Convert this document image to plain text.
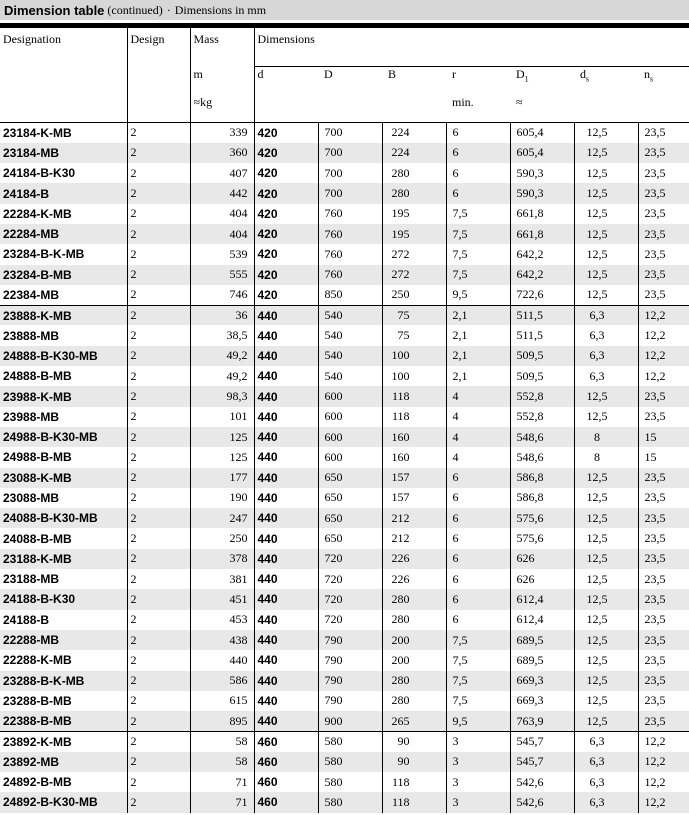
Dimension table (continued) · Dimensions in mm
Designation	Design	Mass	Dimensions						
		m	d	D	B	r	$D_1$	$d_s$	$n_s$
		≈kg				min.	≈		
23184-K-MB	2	339	420	700	224	6	605,4	12,5	23,5
23184-MB	2	360	420	700	224	6	605,4	12,5	23,5
24184-B-K30	2	407	420	700	280	6	590,3	12,5	23,5
24184-B	2	442	420	700	280	6	590,3	12,5	23,5
22284-K-MB	2	404	420	760	195	7,5	661,8	12,5	23,5
22284-MB	2	404	420	760	195	7,5	661,8	12,5	23,5
23284-B-K-MB	2	539	420	760	272	7,5	642,2	12,5	23,5
23284-B-MB	2	555	420	760	272	7,5	642,2	12,5	23,5
22384-MB	2	746	420	850	250	9,5	722,6	12,5	23,5
23888-K-MB	2	36	440	540	75	2,1	511,5	6,3	12,2
23888-MB	2	38,5	440	540	75	2,1	511,5	6,3	12,2
24888-B-K30-MB	2	49,2	440	540	100	2,1	509,5	6,3	12,2
24888-B-MB	2	49,2	440	540	100	2,1	509,5	6,3	12,2
23988-K-MB	2	98,3	440	600	118	4	552,8	12,5	23,5
23988-MB	2	101	440	600	118	4	552,8	12,5	23,5
24988-B-K30-MB	2	125	440	600	160	4	548,6	8	15
24988-B-MB	2	125	440	600	160	4	548,6	8	15
23088-K-MB	2	177	440	650	157	6	586,8	12,5	23,5
23088-MB	2	190	440	650	157	6	586,8	12,5	23,5
24088-B-K30-MB	2	247	440	650	212	6	575,6	12,5	23,5
24088-B-MB	2	250	440	650	212	6	575,6	12,5	23,5
23188-K-MB	2	378	440	720	226	6	626	12,5	23,5
23188-MB	2	381	440	720	226	6	626	12,5	23,5
24188-B-K30	2	451	440	720	280	6	612,4	12,5	23,5
24188-B	2	453	440	720	280	6	612,4	12,5	23,5
22288-MB	2	438	440	790	200	7,5	689,5	12,5	23,5
22288-K-MB	2	440	440	790	200	7,5	689,5	12,5	23,5
23288-B-K-MB	2	586	440	790	280	7,5	669,3	12,5	23,5
23288-B-MB	2	615	440	790	280	7,5	669,3	12,5	23,5
22388-B-MB	2	895	440	900	265	9,5	763,9	12,5	23,5
23892-K-MB	2	58	460	580	90	3	545,7	6,3	12,2
23892-MB	2	58	460	580	90	3	545,7	6,3	12,2
24892-B-MB	2	71	460	580	118	3	542,6	6,3	12,2
24892-B-K30-MB	2	71	460	580	118	3	542,6	6,3	12,2
